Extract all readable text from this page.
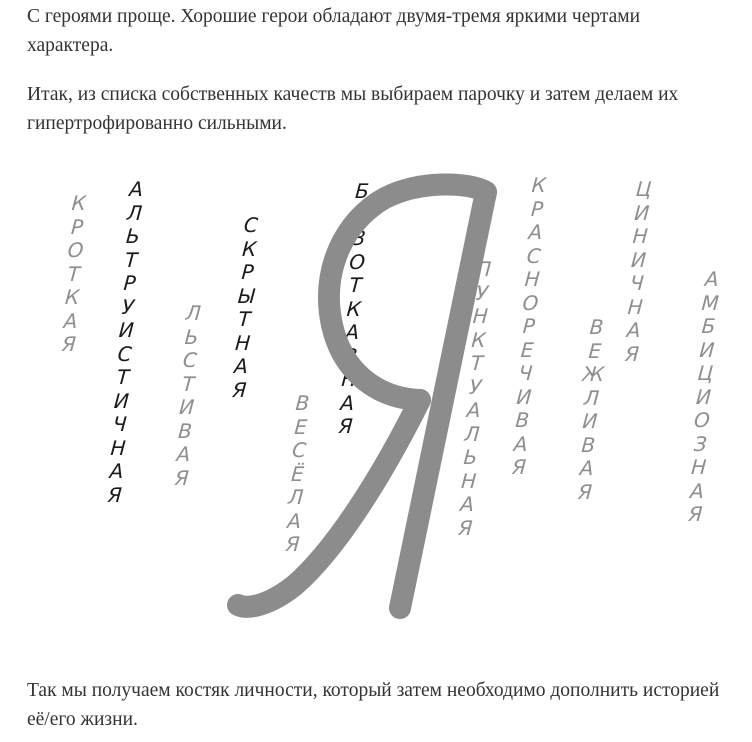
С героями проще. Хорошие герои обладают двумя-тремя яркими чертами характера.

Итак, из списка собственных качеств мы выбираем парочку и затем делаем их гипертрофированно сильными.

К
Р
О
Т
К
А
Я
А
Л
Ь
Т
Р
У
И
С
Т
И
Ч
Н
А
Я
Л
Ь
С
Т
И
В
А
Я
С
К
Р
Ы
Т
Н
А
Я
В
Е
С
Ё
Л
А
Я
Б
Е
З
О
Т
К
А
З
Н
А
Я
П
У
Н
К
Т
У
А
Л
Ь
Н
А
Я
К
Р
А
С
Н
О
Р
Е
Ч
И
В
А
Я
В
Е
Ж
Л
И
В
А
Я
Ц
И
Н
И
Ч
Н
А
Я
А
М
Б
И
Ц
И
О
З
Н
А
Я
Я

Так мы получаем костяк личности, который затем необходимо дополнить историей её/его жизни.
